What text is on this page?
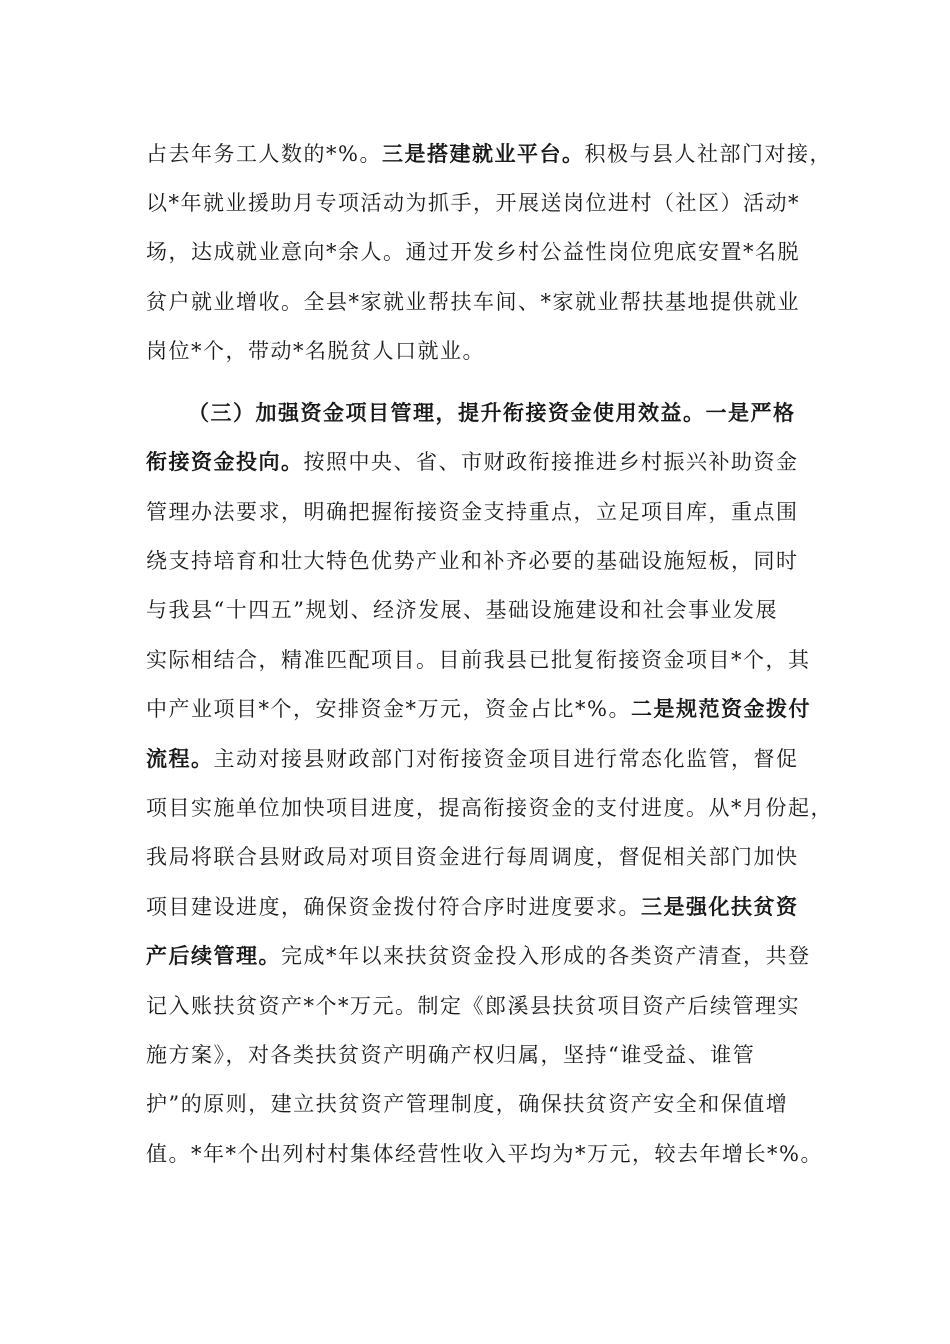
占去年务工人数的*%。三是搭建就业平台。积极与县人社部门对接，
以*年就业援助月专项活动为抓手，开展送岗位进村（社区）活动*
场，达成就业意向*余人。通过开发乡村公益性岗位兜底安置*名脱
贫户就业增收。全县*家就业帮扶车间、*家就业帮扶基地提供就业
岗位*个，带动*名脱贫人口就业。
（三）加强资金项目管理，提升衔接资金使用效益。一是严格
衔接资金投向。按照中央、省、市财政衔接推进乡村振兴补助资金
管理办法要求，明确把握衔接资金支持重点，立足项目库，重点围
绕支持培育和壮大特色优势产业和补齐必要的基础设施短板，同时
与我县“十四五”规划、经济发展、基础设施建设和社会事业发展
实际相结合，精准匹配项目。目前我县已批复衔接资金项目*个，其
中产业项目*个，安排资金*万元，资金占比*%。二是规范资金拨付
流程。主动对接县财政部门对衔接资金项目进行常态化监管，督促
项目实施单位加快项目进度，提高衔接资金的支付进度。从*月份起，
我局将联合县财政局对项目资金进行每周调度，督促相关部门加快
项目建设进度，确保资金拨付符合序时进度要求。三是强化扶贫资
产后续管理。完成*年以来扶贫资金投入形成的各类资产清查，共登
记入账扶贫资产*个*万元。制定《郎溪县扶贫项目资产后续管理实
施方案》，对各类扶贫资产明确产权归属，坚持“谁受益、谁管
护”的原则，建立扶贫资产管理制度，确保扶贫资产安全和保值增
值。*年*个出列村村集体经营性收入平均为*万元，较去年增长*%。
